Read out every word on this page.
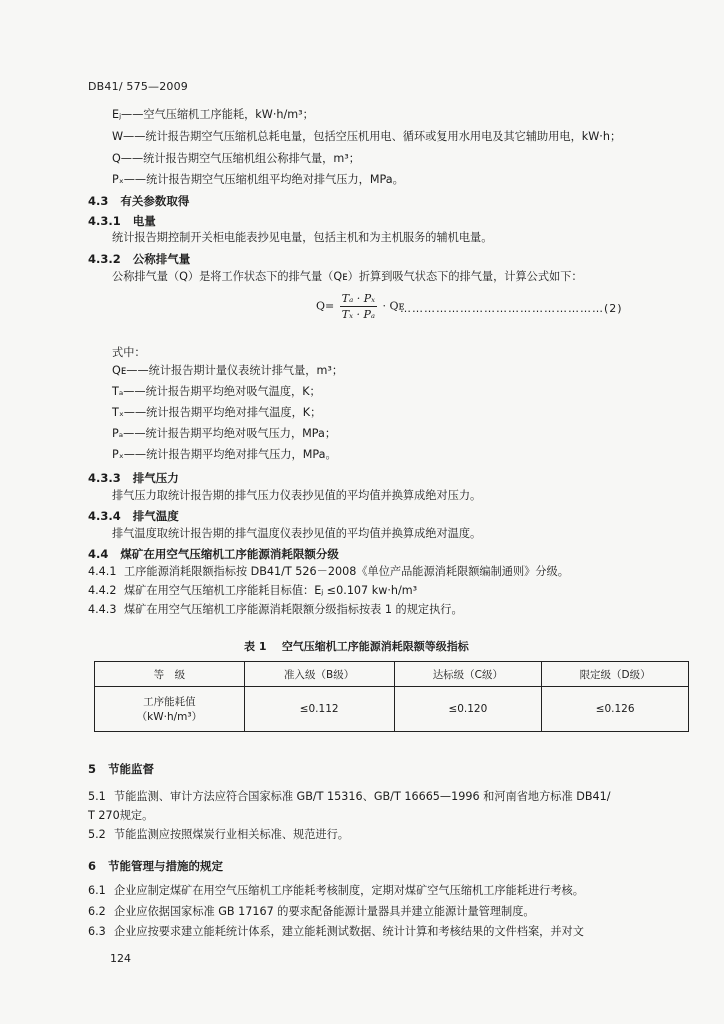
DB41/ 575—2009
Eⱼ——空气压缩机工序能耗，kW·h/m³；
W——统计报告期空气压缩机总耗电量，包括空压机用电、循环或复用水用电及其它辅助用电，kW·h；
Q——统计报告期空气压缩机组公称排气量，m³；
Pₓ——统计报告期空气压缩机组平均绝对排气压力，MPa。
4.3 有关参数取得
4.3.1 电量
统计报告期控制开关柜电能表抄见电量，包括主机和为主机服务的辅机电量。
4.3.2 公称排气量
公称排气量（Q）是将工作状态下的排气量（Qᴇ）折算到吸气状态下的排气量，计算公式如下：
$Q= \frac{\text{Tₐ · Pₓ}}{\text{Tₓ · Pₐ}}$ · Qᴇ
……………………………………………(2)
式中：
Qᴇ——统计报告期计量仪表统计排气量，m³；
Tₐ——统计报告期平均绝对吸气温度，K；
Tₓ——统计报告期平均绝对排气温度，K；
Pₐ——统计报告期平均绝对吸气压力，MPa；
Pₓ——统计报告期平均绝对排气压力，MPa。
4.3.3 排气压力
排气压力取统计报告期的排气压力仪表抄见值的平均值并换算成绝对压力。
4.3.4 排气温度
排气温度取统计报告期的排气温度仪表抄见值的平均值并换算成绝对温度。
4.4 煤矿在用空气压缩机工序能源消耗限额分级
4.4.1 工序能源消耗限额指标按 DB41/T 526－2008《单位产品能源消耗限额编制通则》分级。
4.4.2 煤矿在用空气压缩机工序能耗目标值：Eⱼ ≤0.107 kw·h/m³
4.4.3 煤矿在用空气压缩机工序能源消耗限额分级指标按表 1 的规定执行。
表 1 空气压缩机工序能源消耗限额等级指标
等　级	准入级（B级）	达标级（C级）	限定级（D级）

工序能耗值
（kW·h/m³）	≤0.112	≤0.120	≤0.126
5 节能监督
5.1 节能监测、审计方法应符合国家标准 GB/T 15316、GB/T 16665—1996 和河南省地方标准 DB41/
T 270规定。
5.2 节能监测应按照煤炭行业相关标准、规范进行。
6 节能管理与措施的规定
6.1 企业应制定煤矿在用空气压缩机工序能耗考核制度，定期对煤矿空气压缩机工序能耗进行考核。
6.2 企业应依据国家标准 GB 17167 的要求配备能源计量器具并建立能源计量管理制度。
6.3 企业应按要求建立能耗统计体系，建立能耗测试数据、统计计算和考核结果的文件档案，并对文
124
